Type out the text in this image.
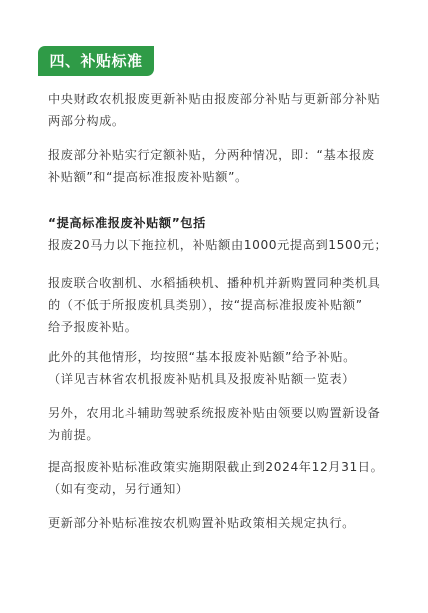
四、补贴标准

中央财政农机报废更新补贴由报废部分补贴与更新部分补贴
两部分构成。

报废部分补贴实行定额补贴，分两种情况，即：“基本报废
补贴额”和“提高标准报废补贴额”。

“提高标准报废补贴额”包括
报废20马力以下拖拉机，补贴额由1000元提高到1500元；

报废联合收割机、水稻插秧机、播种机并新购置同种类机具
的（不低于所报废机具类别），按“提高标准报废补贴额”
给予报废补贴。

此外的其他情形，均按照“基本报废补贴额”给予补贴。
（详见吉林省农机报废补贴机具及报废补贴额一览表）

另外，农用北斗辅助驾驶系统报废补贴由领要以购置新设备
为前提。

提高报废补贴标准政策实施期限截止到2024年12月31日。
（如有变动，另行通知）

更新部分补贴标准按农机购置补贴政策相关规定执行。
